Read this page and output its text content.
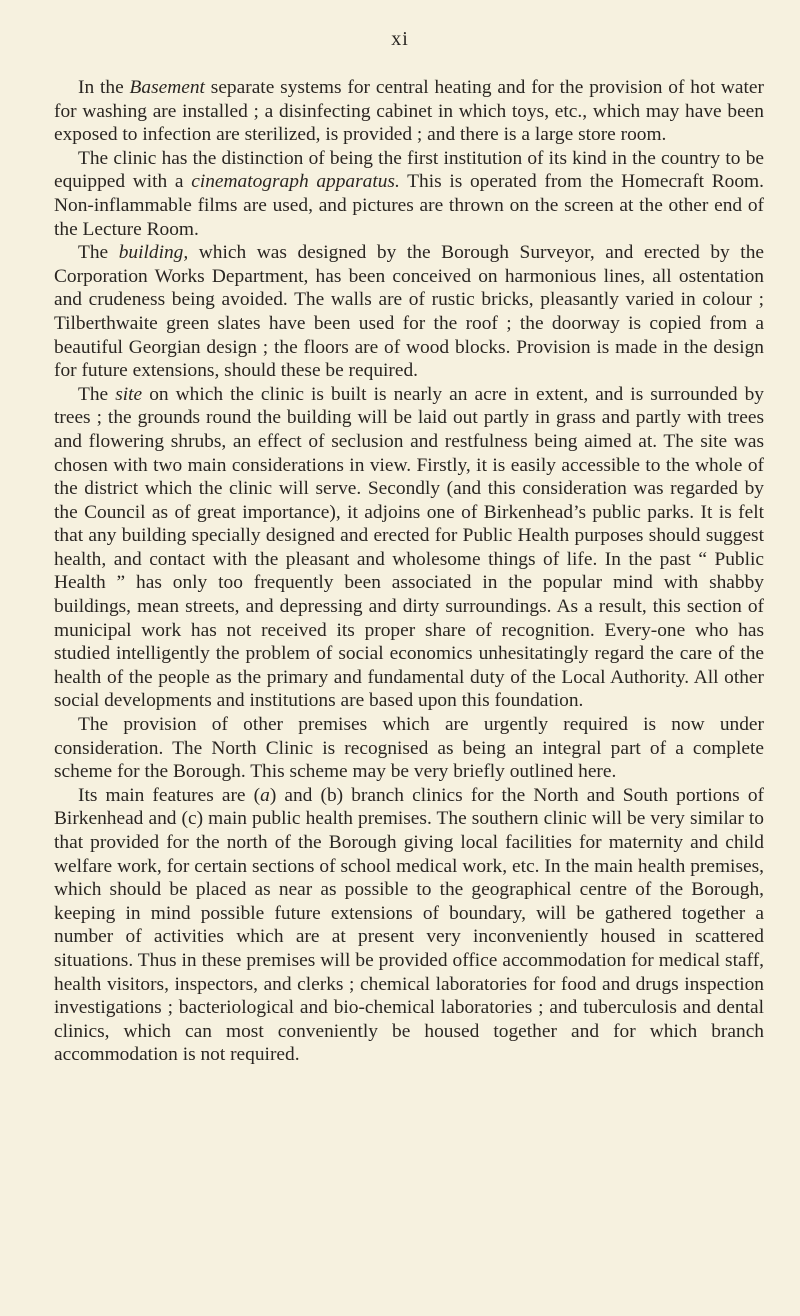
xi

In the Basement separate systems for central heating and for the provision of hot water for washing are installed ; a disinfecting cabinet in which toys, etc., which may have been exposed to infection are sterilized, is provided ; and there is a large store room.

The clinic has the distinction of being the first institution of its kind in the country to be equipped with a cinematograph apparatus. This is operated from the Homecraft Room. Non-inflammable films are used, and pictures are thrown on the screen at the other end of the Lecture Room.

The building, which was designed by the Borough Surveyor, and erected by the Corporation Works Department, has been conceived on harmonious lines, all ostentation and crudeness being avoided. The walls are of rustic bricks, pleasantly varied in colour ; Tilberthwaite green slates have been used for the roof ; the doorway is copied from a beautiful Georgian design ; the floors are of wood blocks. Provision is made in the design for future extensions, should these be required.

The site on which the clinic is built is nearly an acre in extent, and is surrounded by trees ; the grounds round the building will be laid out partly in grass and partly with trees and flowering shrubs, an effect of seclusion and restfulness being aimed at. The site was chosen with two main considerations in view. Firstly, it is easily accessible to the whole of the district which the clinic will serve. Secondly (and this consideration was regarded by the Council as of great importance), it adjoins one of Birkenhead’s public parks. It is felt that any building specially designed and erected for Public Health purposes should suggest health, and contact with the pleasant and wholesome things of life. In the past “ Public Health ” has only too frequently been associated in the popular mind with shabby buildings, mean streets, and depressing and dirty surroundings. As a result, this section of municipal work has not received its proper share of recognition. Every-one who has studied intelligently the problem of social economics unhesitatingly regard the care of the health of the people as the primary and fundamental duty of the Local Authority. All other social developments and institutions are based upon this foundation.

The provision of other premises which are urgently required is now under consideration. The North Clinic is recognised as being an integral part of a complete scheme for the Borough. This scheme may be very briefly outlined here.

Its main features are (a) and (b) branch clinics for the North and South portions of Birkenhead and (c) main public health premises. The southern clinic will be very similar to that provided for the north of the Borough giving local facilities for maternity and child welfare work, for certain sections of school medical work, etc. In the main health premises, which should be placed as near as possible to the geographical centre of the Borough, keeping in mind possible future extensions of boundary, will be gathered together a number of activities which are at present very inconveniently housed in scattered situations. Thus in these premises will be provided office accommodation for medical staff, health visitors, inspectors, and clerks ; chemical laboratories for food and drugs inspection investigations ; bacteriological and bio-chemical laboratories ; and tuberculosis and dental clinics, which can most conveniently be housed together and for which branch accommodation is not required.
